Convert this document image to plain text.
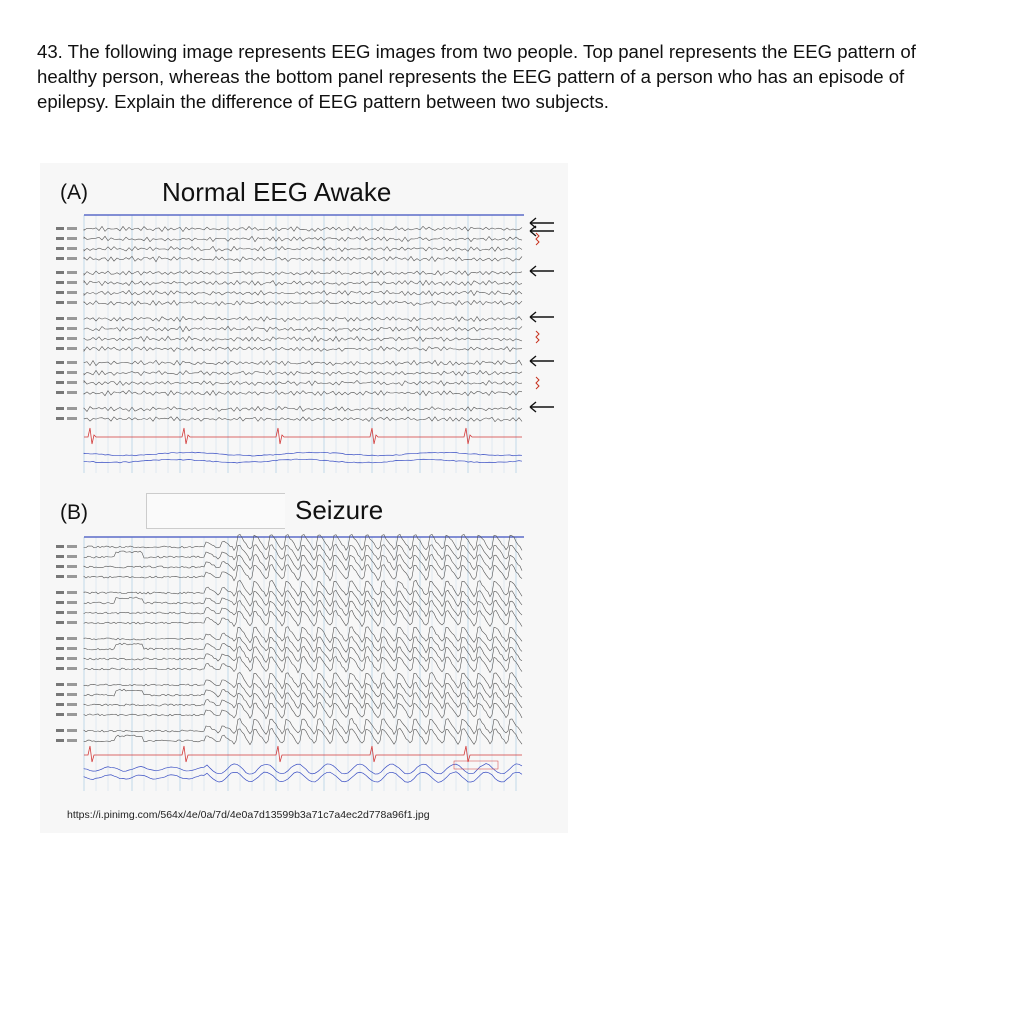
43. The following image represents EEG images from two people. Top panel represents the EEG pattern of healthy person, whereas the bottom panel represents the EEG pattern of a person who has an episode of epilepsy. Explain the difference of EEG pattern between two subjects.

(A)	Normal EEG Awake
(B)	Seizure
https://i.pinimg.com/564x/4e/0a/7d/4e0a7d13599b3a71c7a4ec2d778a96f1.jpg
